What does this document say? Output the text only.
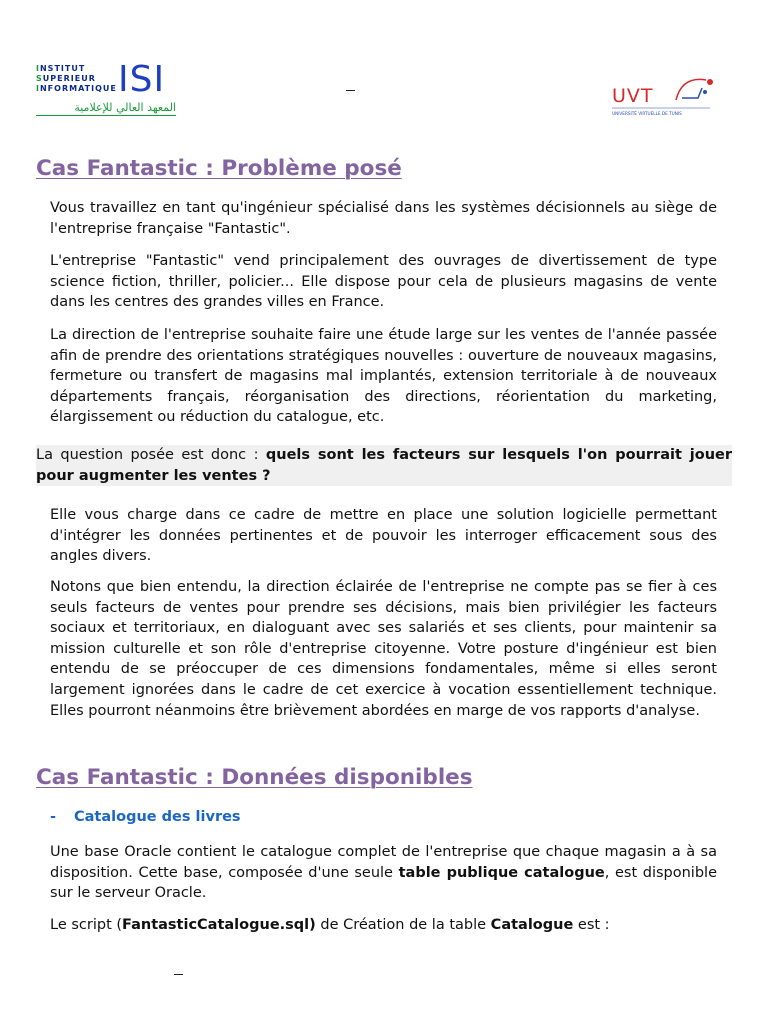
INSTITUT
SUPERIEUR
INFORMATIQUE ISI
المعهد العالي للإعلامية
UVT
UNIVERSITÉ VIRTUELLE DE TUNIS
Cas Fantastic : Problème posé

Vous travaillez en tant qu'ingénieur spécialisé dans les systèmes décisionnels au siège de l'entreprise française "Fantastic".

L'entreprise "Fantastic" vend principalement des ouvrages de divertissement de type science fiction, thriller, policier... Elle dispose pour cela de plusieurs magasins de vente dans les centres des grandes villes en France.

La direction de l'entreprise souhaite faire une étude large sur les ventes de l'année passée afin de prendre des orientations stratégiques nouvelles : ouverture de nouveaux magasins, fermeture ou transfert de magasins mal implantés, extension territoriale à de nouveaux départements français, réorganisation des directions, réorientation du marketing, élargissement ou réduction du catalogue, etc.

La question posée est donc : quels sont les facteurs sur lesquels l'on pourrait jouer pour augmenter les ventes ?

Elle vous charge dans ce cadre de mettre en place une solution logicielle permettant d'intégrer les données pertinentes et de pouvoir les interroger efficacement sous des angles divers.

Notons que bien entendu, la direction éclairée de l'entreprise ne compte pas se fier à ces seuls facteurs de ventes pour prendre ses décisions, mais bien privilégier les facteurs sociaux et territoriaux, en dialoguant avec ses salariés et ses clients, pour maintenir sa mission culturelle et son rôle d'entreprise citoyenne. Votre posture d'ingénieur est bien entendu de se préoccuper de ces dimensions fondamentales, même si elles seront largement ignorées dans le cadre de cet exercice à vocation essentiellement technique. Elles pourront néanmoins être brièvement abordées en marge de vos rapports d'analyse.

Cas Fantastic : Données disponibles
- Catalogue des livres

Une base Oracle contient le catalogue complet de l'entreprise que chaque magasin a à sa disposition. Cette base, composée d'une seule table publique catalogue, est disponible sur le serveur Oracle.

Le script (FantasticCatalogue.sql) de Création de la table Catalogue est :
